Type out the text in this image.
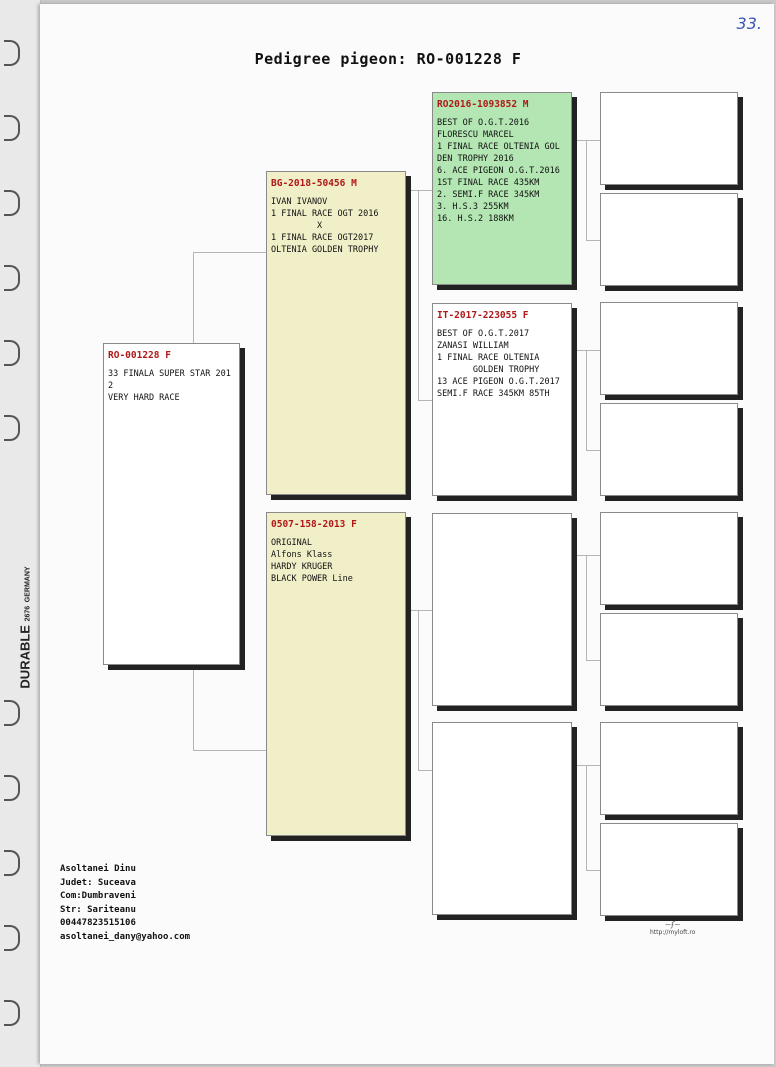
DURABLE 2676 GERMANY
33.
Pedigree pigeon: RO-001228 F
RO-001228 F
33 FINALA SUPER STAR 201
2
VERY HARD RACE
BG-2018-50456 M
IVAN IVANOV
1 FINAL RACE OGT 2016
X
1 FINAL RACE OGT2017
OLTENIA GOLDEN TROPHY
0507-158-2013 F
ORIGINAL
Alfons Klass
HARDY KRUGER
BLACK POWER Line
RO2016-1093852 M
BEST OF O.G.T.2016
FLORESCU MARCEL
1 FINAL RACE OLTENIA GOL
DEN TROPHY 2016
6. ACE PIGEON O.G.T.2016
1ST FINAL RACE 435KM
2. SEMI.F RACE 345KM
3. H.S.3 255KM
16. H.S.2 188KM
IT-2017-223055 F
BEST OF O.G.T.2017
ZANASI WILLIAM
1 FINAL RACE OLTENIA
GOLDEN TROPHY
13 ACE PIGEON O.G.T.2017
SEMI.F RACE 345KM 85TH
Asoltanei Dinu
Judet: Suceava
Com:Dumbraveni
Str: Sariteanu
00447823515106
asoltanei_dany@yahoo.com
~ʄ~
http://myloft.ro
